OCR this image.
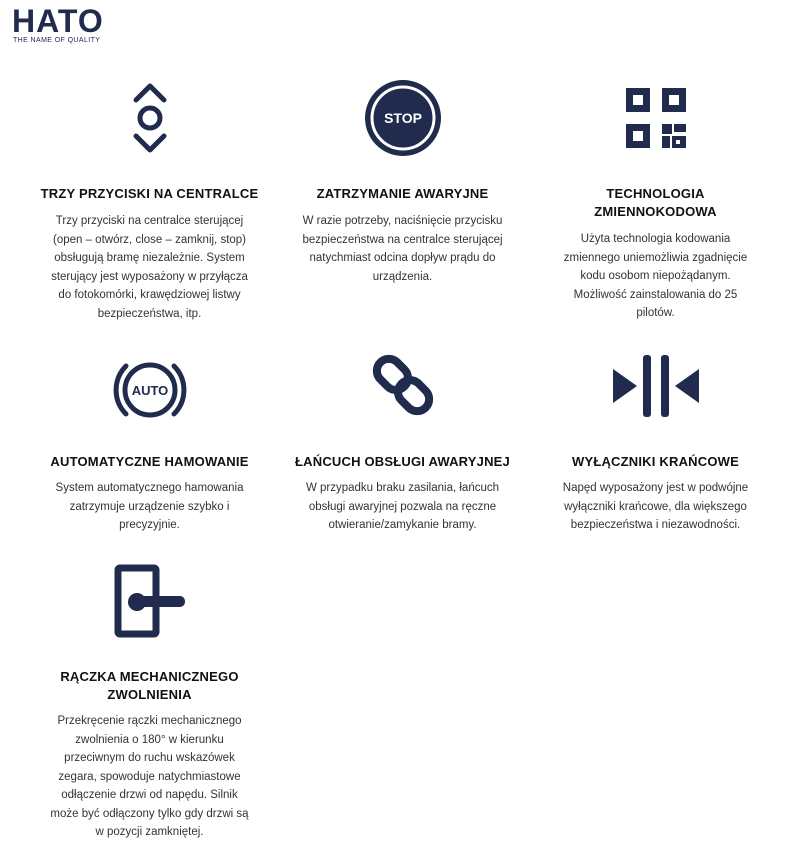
HATO
THE NAME OF QUALITY
TRZY PRZYCISKI NA CENTRALCE
Trzy przyciski na centralce sterującej (open – otwórz, close – zamknij, stop) obsługują bramę niezależnie. System sterujący jest wyposażony w przyłącza do fotokomórki, krawędziowej listwy bezpieczeństwa, itp.
STOP
ZATRZYMANIE AWARYJNE
W razie potrzeby, naciśnięcie przycisku bezpieczeństwa na centralce sterującej natychmiast odcina dopływ prądu do urządzenia.
TECHNOLOGIA ZMIENNOKODOWA
Użyta technologia kodowania zmiennego uniemożliwia zgadnięcie kodu osobom niepożądanym. Możliwość zainstalowania do 25 pilotów.
AUTO
AUTOMATYCZNE HAMOWANIE
System automatycznego hamowania zatrzymuje urządzenie szybko i precyzyjnie.
ŁAŃCUCH OBSŁUGI AWARYJNEJ
W przypadku braku zasilania, łańcuch obsługi awaryjnej pozwala na ręczne otwieranie/zamykanie bramy.
WYŁĄCZNIKI KRAŃCOWE
Napęd wyposażony jest w podwójne wyłączniki krańcowe, dla większego bezpieczeństwa i niezawodności.
RĄCZKA MECHANICZNEGO ZWOLNIENIA
Przekręcenie rączki mechanicznego zwolnienia o 180° w kierunku przeciwnym do ruchu wskazówek zegara, spowoduje natychmiastowe odłączenie drzwi od napędu. Silnik może być odłączony tylko gdy drzwi są w pozycji zamkniętej.
